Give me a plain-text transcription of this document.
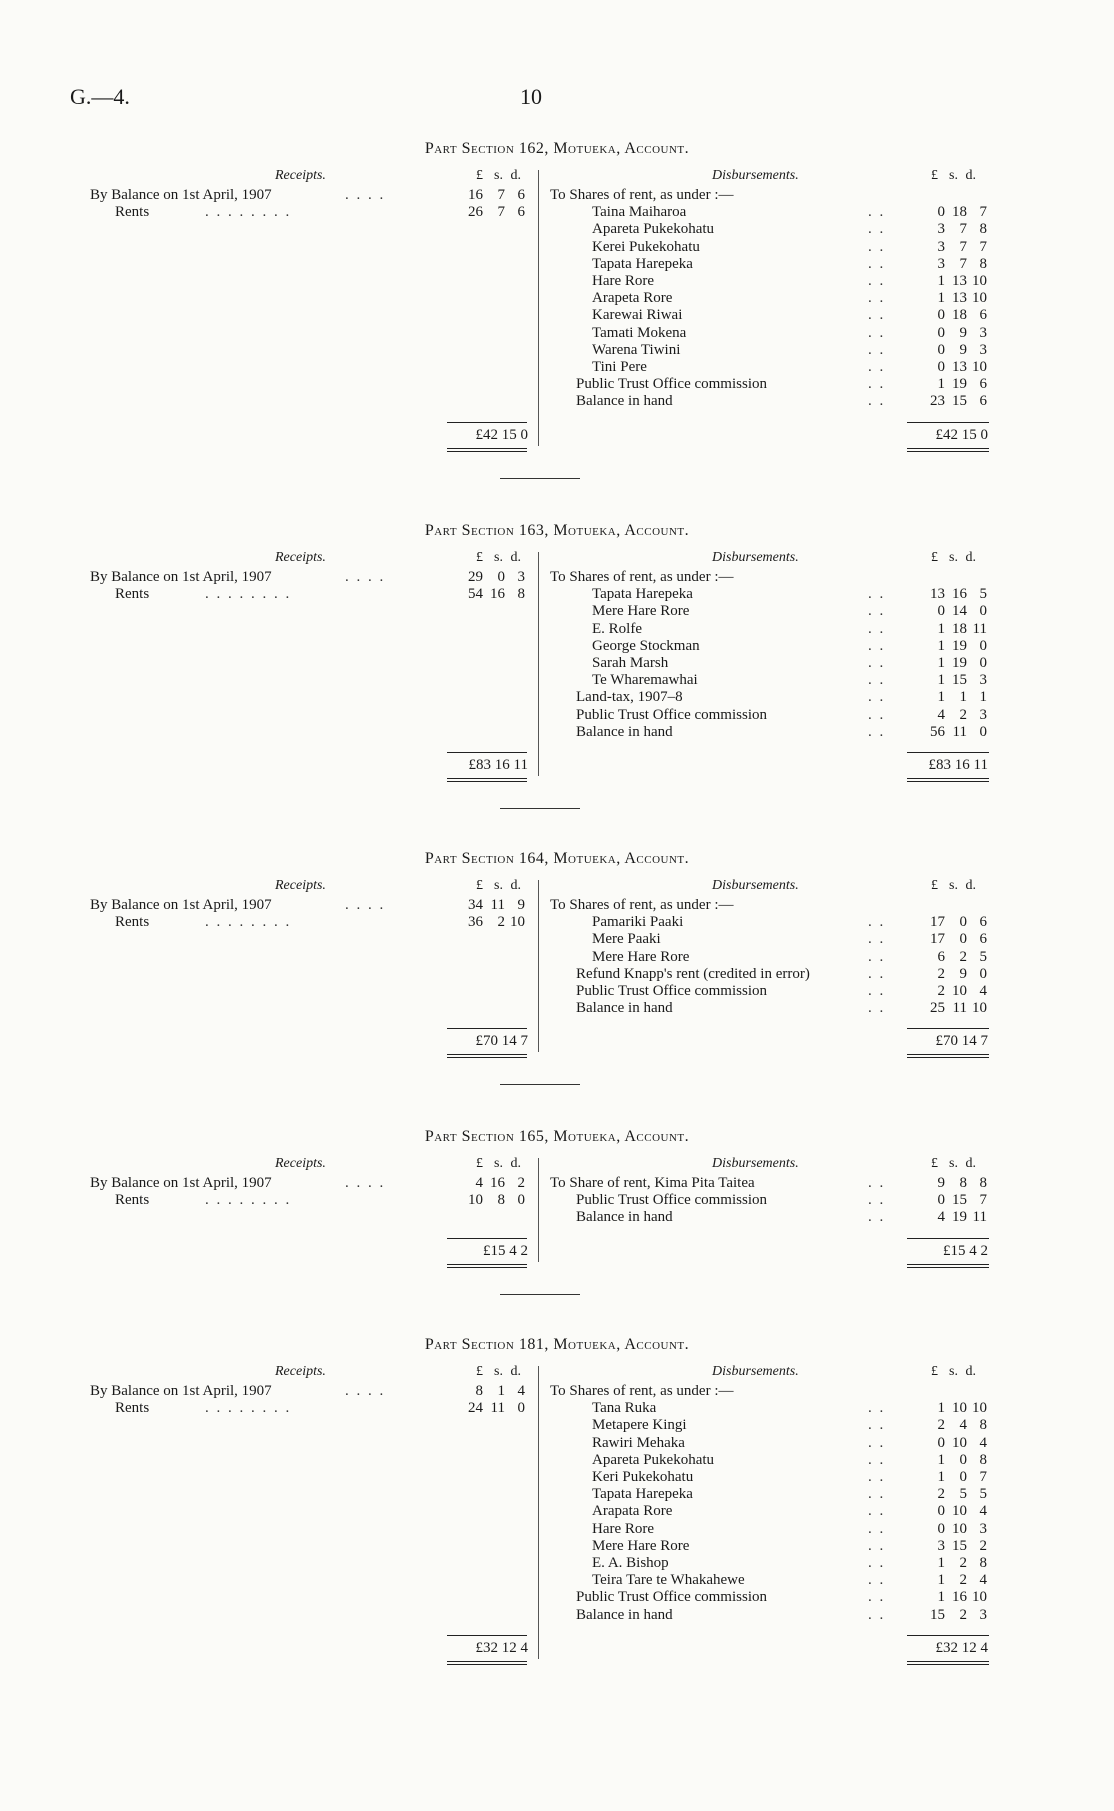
G.—4.	10
Part Section 162, Motueka, Account.
Receipts.	Disbursements.
£ s. d.	£ s. d.
By Balance on 1st April, 1907	. . . .	16 7 6
Rents	. . . . . . . .	26 7 6
To Shares of rent, as under :—
Taina Maiharoa	. .	0 18 7
Apareta Pukekohatu	. .	3 7 8
Kerei Pukekohatu	. .	3 7 7
Tapata Harepeka	. .	3 7 8
Hare Rore	. .	1 13 10
Arapeta Rore	. .	1 13 10
Karewai Riwai	. .	0 18 6
Tamati Mokena	. .	0 9 3
Warena Tiwini	. .	0 9 3
Tini Pere	. .	0 13 10
Public Trust Office commission	. .	1 19 6
Balance in hand	. .	23 15 6
£42 15 0	£42 15 0
Part Section 163, Motueka, Account.
Receipts.	Disbursements.
£ s. d.	£ s. d.
By Balance on 1st April, 1907	. . . .	29 0 3
Rents	. . . . . . . .	54 16 8
To Shares of rent, as under :—
Tapata Harepeka	. .	13 16 5
Mere Hare Rore	. .	0 14 0
E. Rolfe	. .	1 18 11
George Stockman	. .	1 19 0
Sarah Marsh	. .	1 19 0
Te Wharemawhai	. .	1 15 3
Land-tax, 1907–8	. .	1 1 1
Public Trust Office commission	. .	4 2 3
Balance in hand	. .	56 11 0
£83 16 11	£83 16 11
Part Section 164, Motueka, Account.
Receipts.	Disbursements.
£ s. d.	£ s. d.
By Balance on 1st April, 1907	. . . .	34 11 9
Rents	. . . . . . . .	36 2 10
To Shares of rent, as under :—
Pamariki Paaki	. .	17 0 6
Mere Paaki	. .	17 0 6
Mere Hare Rore	. .	6 2 5
Refund Knapp's rent (credited in error)	. .	2 9 0
Public Trust Office commission	. .	2 10 4
Balance in hand	. .	25 11 10
£70 14 7	£70 14 7
Part Section 165, Motueka, Account.
Receipts.	Disbursements.
£ s. d.	£ s. d.
By Balance on 1st April, 1907	. . . .	4 16 2
Rents	. . . . . . . .	10 8 0
To Share of rent, Kima Pita Taitea	. .	9 8 8
Public Trust Office commission	. .	0 15 7
Balance in hand	. .	4 19 11
£15 4 2	£15 4 2
Part Section 181, Motueka, Account.
Receipts.	Disbursements.
£ s. d.	£ s. d.
By Balance on 1st April, 1907	. . . .	8 1 4
Rents	. . . . . . . .	24 11 0
To Shares of rent, as under :—
Tana Ruka	. .	1 10 10
Metapere Kingi	. .	2 4 8
Rawiri Mehaka	. .	0 10 4
Apareta Pukekohatu	. .	1 0 8
Keri Pukekohatu	. .	1 0 7
Tapata Harepeka	. .	2 5 5
Arapata Rore	. .	0 10 4
Hare Rore	. .	0 10 3
Mere Hare Rore	. .	3 15 2
E. A. Bishop	. .	1 2 8
Teira Tare te Whakahewe	. .	1 2 4
Public Trust Office commission	. .	1 16 10
Balance in hand	. .	15 2 3
£32 12 4	£32 12 4
